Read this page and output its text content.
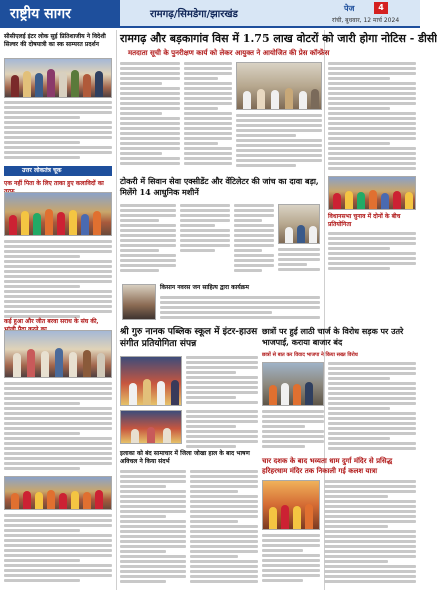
राष्ट्रीय सागर	रामगढ़/सिमडेगा/झारखंड
पेज	4
रांची, बुधवार, 12 मार्च 2024
सीसीएलई इंटर लोक सुई प्रितिशाजीय ने विदेशी सिल्वर की दोषयात्री का स्क साम्यरत प्रदर्शन
उत्तर लोकतंत्र चूक
एक नहीं पिता के लिए ताका हुए कलाविदों का
कई हुआ और जीत बरवा सराध के संघ की,
रामगढ़ और बड़कागांव विस में 1.75 लाख वोटरों को जारी होगा नोटिस - डीसी
मतदाता सूची के पुनरीक्षण कार्य को लेकर आयुक्त ने आयोजित की प्रेस कॉन्फ्रेंस
टोकरी में सिवान सेवा एक्सीडेंट और वेंटिलेटर की जांच का दावा बड़ा, मिलेंगे 14 आधुनिक मशीनें
विधानसभा चुनाव में दोनों के बीच प्रतियोगिता
किसान नवरस जन साहित्य द्वारा कार्यक्रम
श्री गुरु नानक पब्लिक स्कूल में इंटर-हाउस संगीत प्रतियोगिता संपन्न
छात्रों पर हुई लाठी चार्ज के विरोध सड़क पर उतरे भाजपाई, कराया बाजार बंद
छात्रों से बात कर विवाद भाजपा ने किया सख्त विरोध
इलाका को बंद सामाचार में जिला जोखा हाल के बाद भाषण अविचल ने किया संदर्भ	चार दशक के बाद भव्यता धाम दुर्गा मंदिर से प्रसिद्ध हरिहरधाम मंदिर तक निकाली गई कलश यात्रा
